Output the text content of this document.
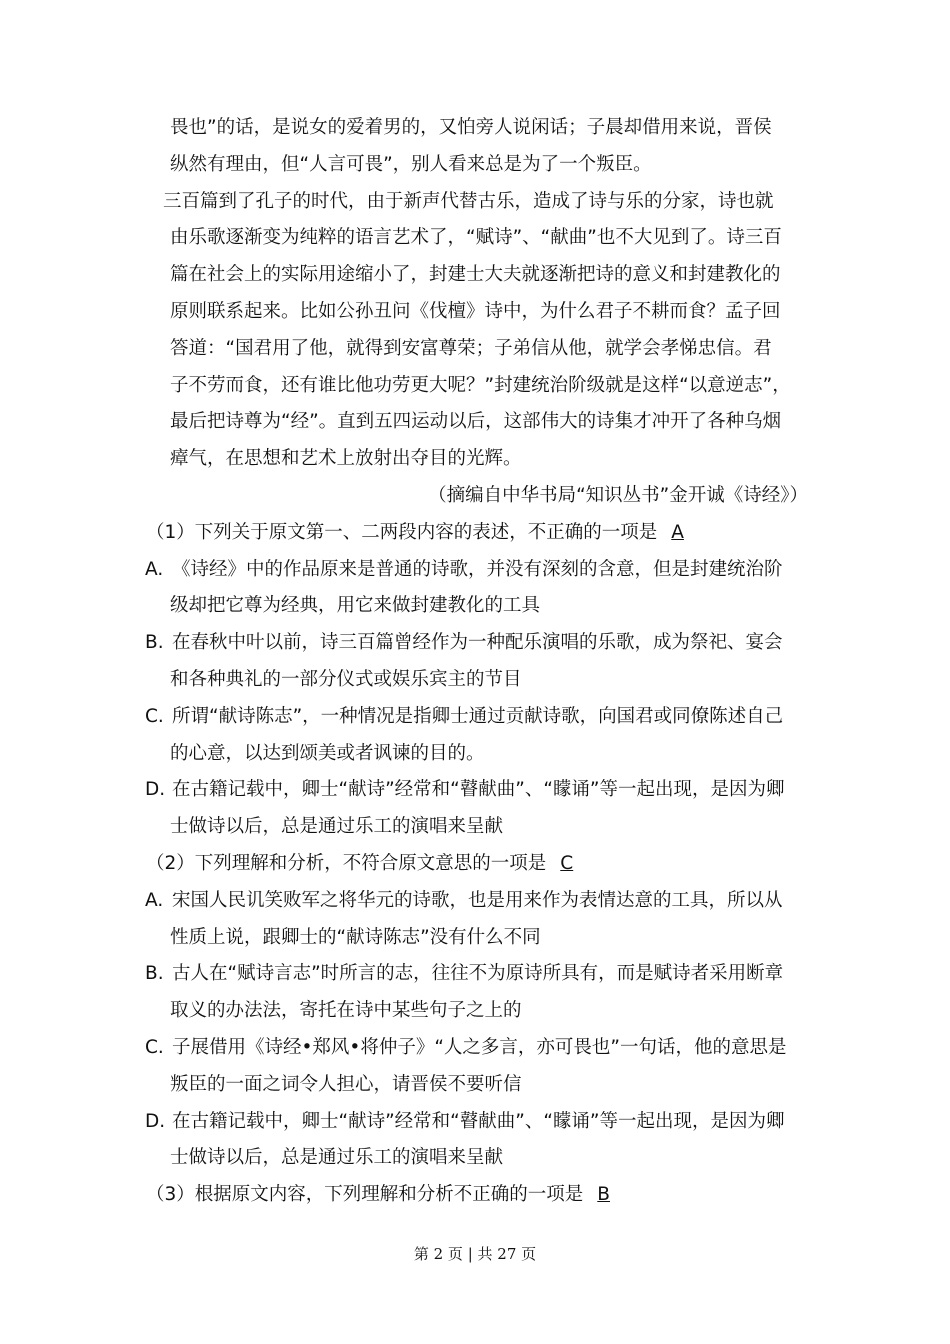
畏也”的话，是说女的爱着男的，又怕旁人说闲话；子晨却借用来说，晋侯
纵然有理由，但“人言可畏”，别人看来总是为了一个叛臣。
三百篇到了孔子的时代，由于新声代替古乐，造成了诗与乐的分家，诗也就
由乐歌逐渐变为纯粹的语言艺术了，“赋诗”、“献曲”也不大见到了。诗三百
篇在社会上的实际用途缩小了，封建士大夫就逐渐把诗的意义和封建教化的
原则联系起来。比如公孙丑问《伐檀》诗中，为什么君子不耕而食？孟子回
答道：“国君用了他，就得到安富尊荣；子弟信从他，就学会孝悌忠信。君
子不劳而食，还有谁比他功劳更大呢？”封建统治阶级就是这样“以意逆志”，
最后把诗尊为“经”。直到五四运动以后，这部伟大的诗集才冲开了各种乌烟
瘴气，在思想和艺术上放射出夺目的光辉。
（摘编自中华书局“知识丛书”金开诚《诗经》）
（1）下列关于原文第一、二两段内容的表述，不正确的一项是 A
A. 《诗经》中的作品原来是普通的诗歌，并没有深刻的含意，但是封建统治阶
级却把它尊为经典，用它来做封建教化的工具
B. 在春秋中叶以前，诗三百篇曾经作为一种配乐演唱的乐歌，成为祭祀、宴会
和各种典礼的一部分仪式或娱乐宾主的节目
C. 所谓“献诗陈志”，一种情况是指卿士通过贡献诗歌，向国君或同僚陈述自己
的心意，以达到颂美或者讽谏的目的。
D. 在古籍记载中，卿士“献诗”经常和“瞽献曲”、“矇诵”等一起出现，是因为卿
士做诗以后，总是通过乐工的演唱来呈献
（2）下列理解和分析，不符合原文意思的一项是 C
A. 宋国人民讥笑败军之将华元的诗歌，也是用来作为表情达意的工具，所以从
性质上说，跟卿士的“献诗陈志”没有什么不同
B. 古人在“赋诗言志”时所言的志，往往不为原诗所具有，而是赋诗者采用断章
取义的办法法，寄托在诗中某些句子之上的
C. 子展借用《诗经•郑风•将仲子》“人之多言，亦可畏也”一句话，他的意思是
叛臣的一面之词令人担心，请晋侯不要听信
D. 在古籍记载中，卿士“献诗”经常和“瞽献曲”、“矇诵”等一起出现，是因为卿
士做诗以后，总是通过乐工的演唱来呈献
（3）根据原文内容，下列理解和分析不正确的一项是 B
第 2 页 | 共 27 页
